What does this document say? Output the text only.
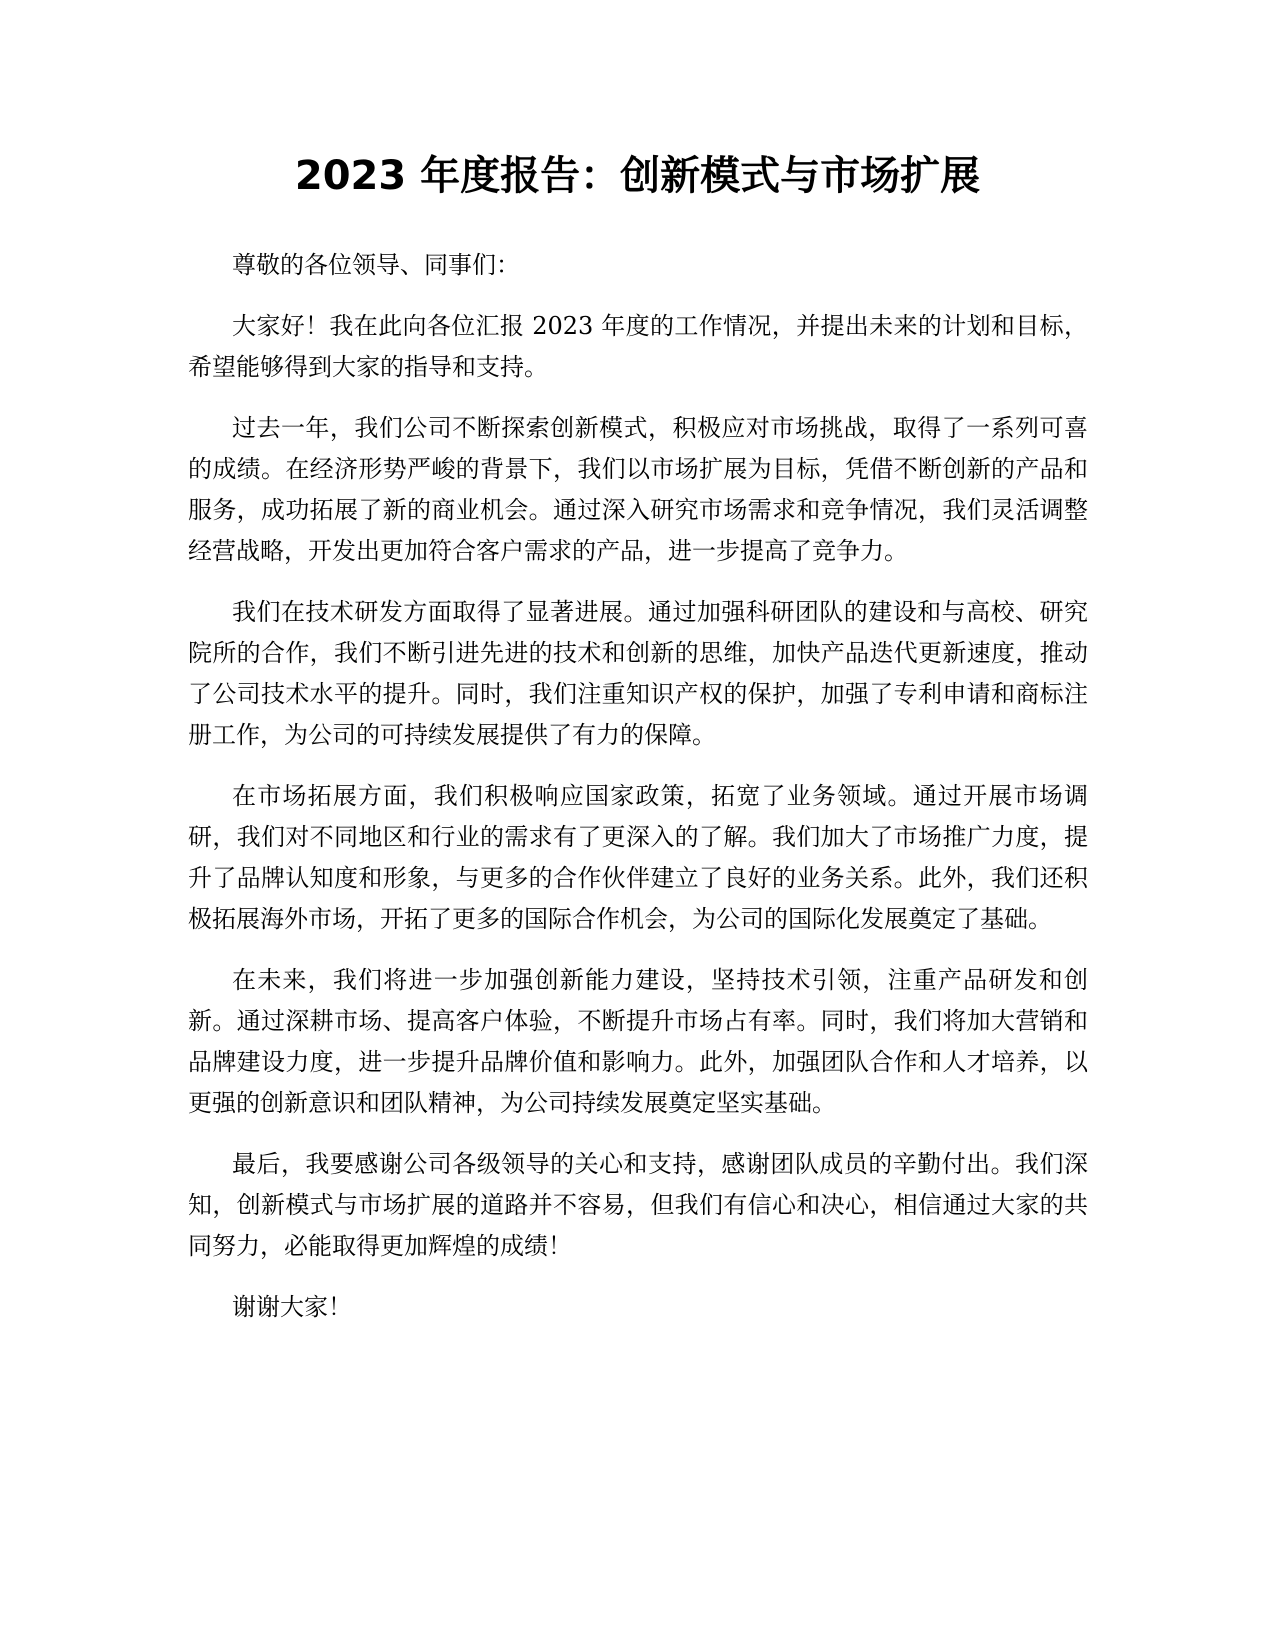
2023 年度报告：创新模式与市场扩展

尊敬的各位领导、同事们：

大家好！我在此向各位汇报 2023 年度的工作情况，并提出未来的计划和目标，希望能够得到大家的指导和支持。

过去一年，我们公司不断探索创新模式，积极应对市场挑战，取得了一系列可喜的成绩。在经济形势严峻的背景下，我们以市场扩展为目标，凭借不断创新的产品和服务，成功拓展了新的商业机会。通过深入研究市场需求和竞争情况，我们灵活调整经营战略，开发出更加符合客户需求的产品，进一步提高了竞争力。

我们在技术研发方面取得了显著进展。通过加强科研团队的建设和与高校、研究院所的合作，我们不断引进先进的技术和创新的思维，加快产品迭代更新速度，推动了公司技术水平的提升。同时，我们注重知识产权的保护，加强了专利申请和商标注册工作，为公司的可持续发展提供了有力的保障。

在市场拓展方面，我们积极响应国家政策，拓宽了业务领域。通过开展市场调研，我们对不同地区和行业的需求有了更深入的了解。我们加大了市场推广力度，提升了品牌认知度和形象，与更多的合作伙伴建立了良好的业务关系。此外，我们还积极拓展海外市场，开拓了更多的国际合作机会，为公司的国际化发展奠定了基础。

在未来，我们将进一步加强创新能力建设，坚持技术引领，注重产品研发和创新。通过深耕市场、提高客户体验，不断提升市场占有率。同时，我们将加大营销和品牌建设力度，进一步提升品牌价值和影响力。此外，加强团队合作和人才培养，以更强的创新意识和团队精神，为公司持续发展奠定坚实基础。

最后，我要感谢公司各级领导的关心和支持，感谢团队成员的辛勤付出。我们深知，创新模式与市场扩展的道路并不容易，但我们有信心和决心，相信通过大家的共同努力，必能取得更加辉煌的成绩！

谢谢大家！
